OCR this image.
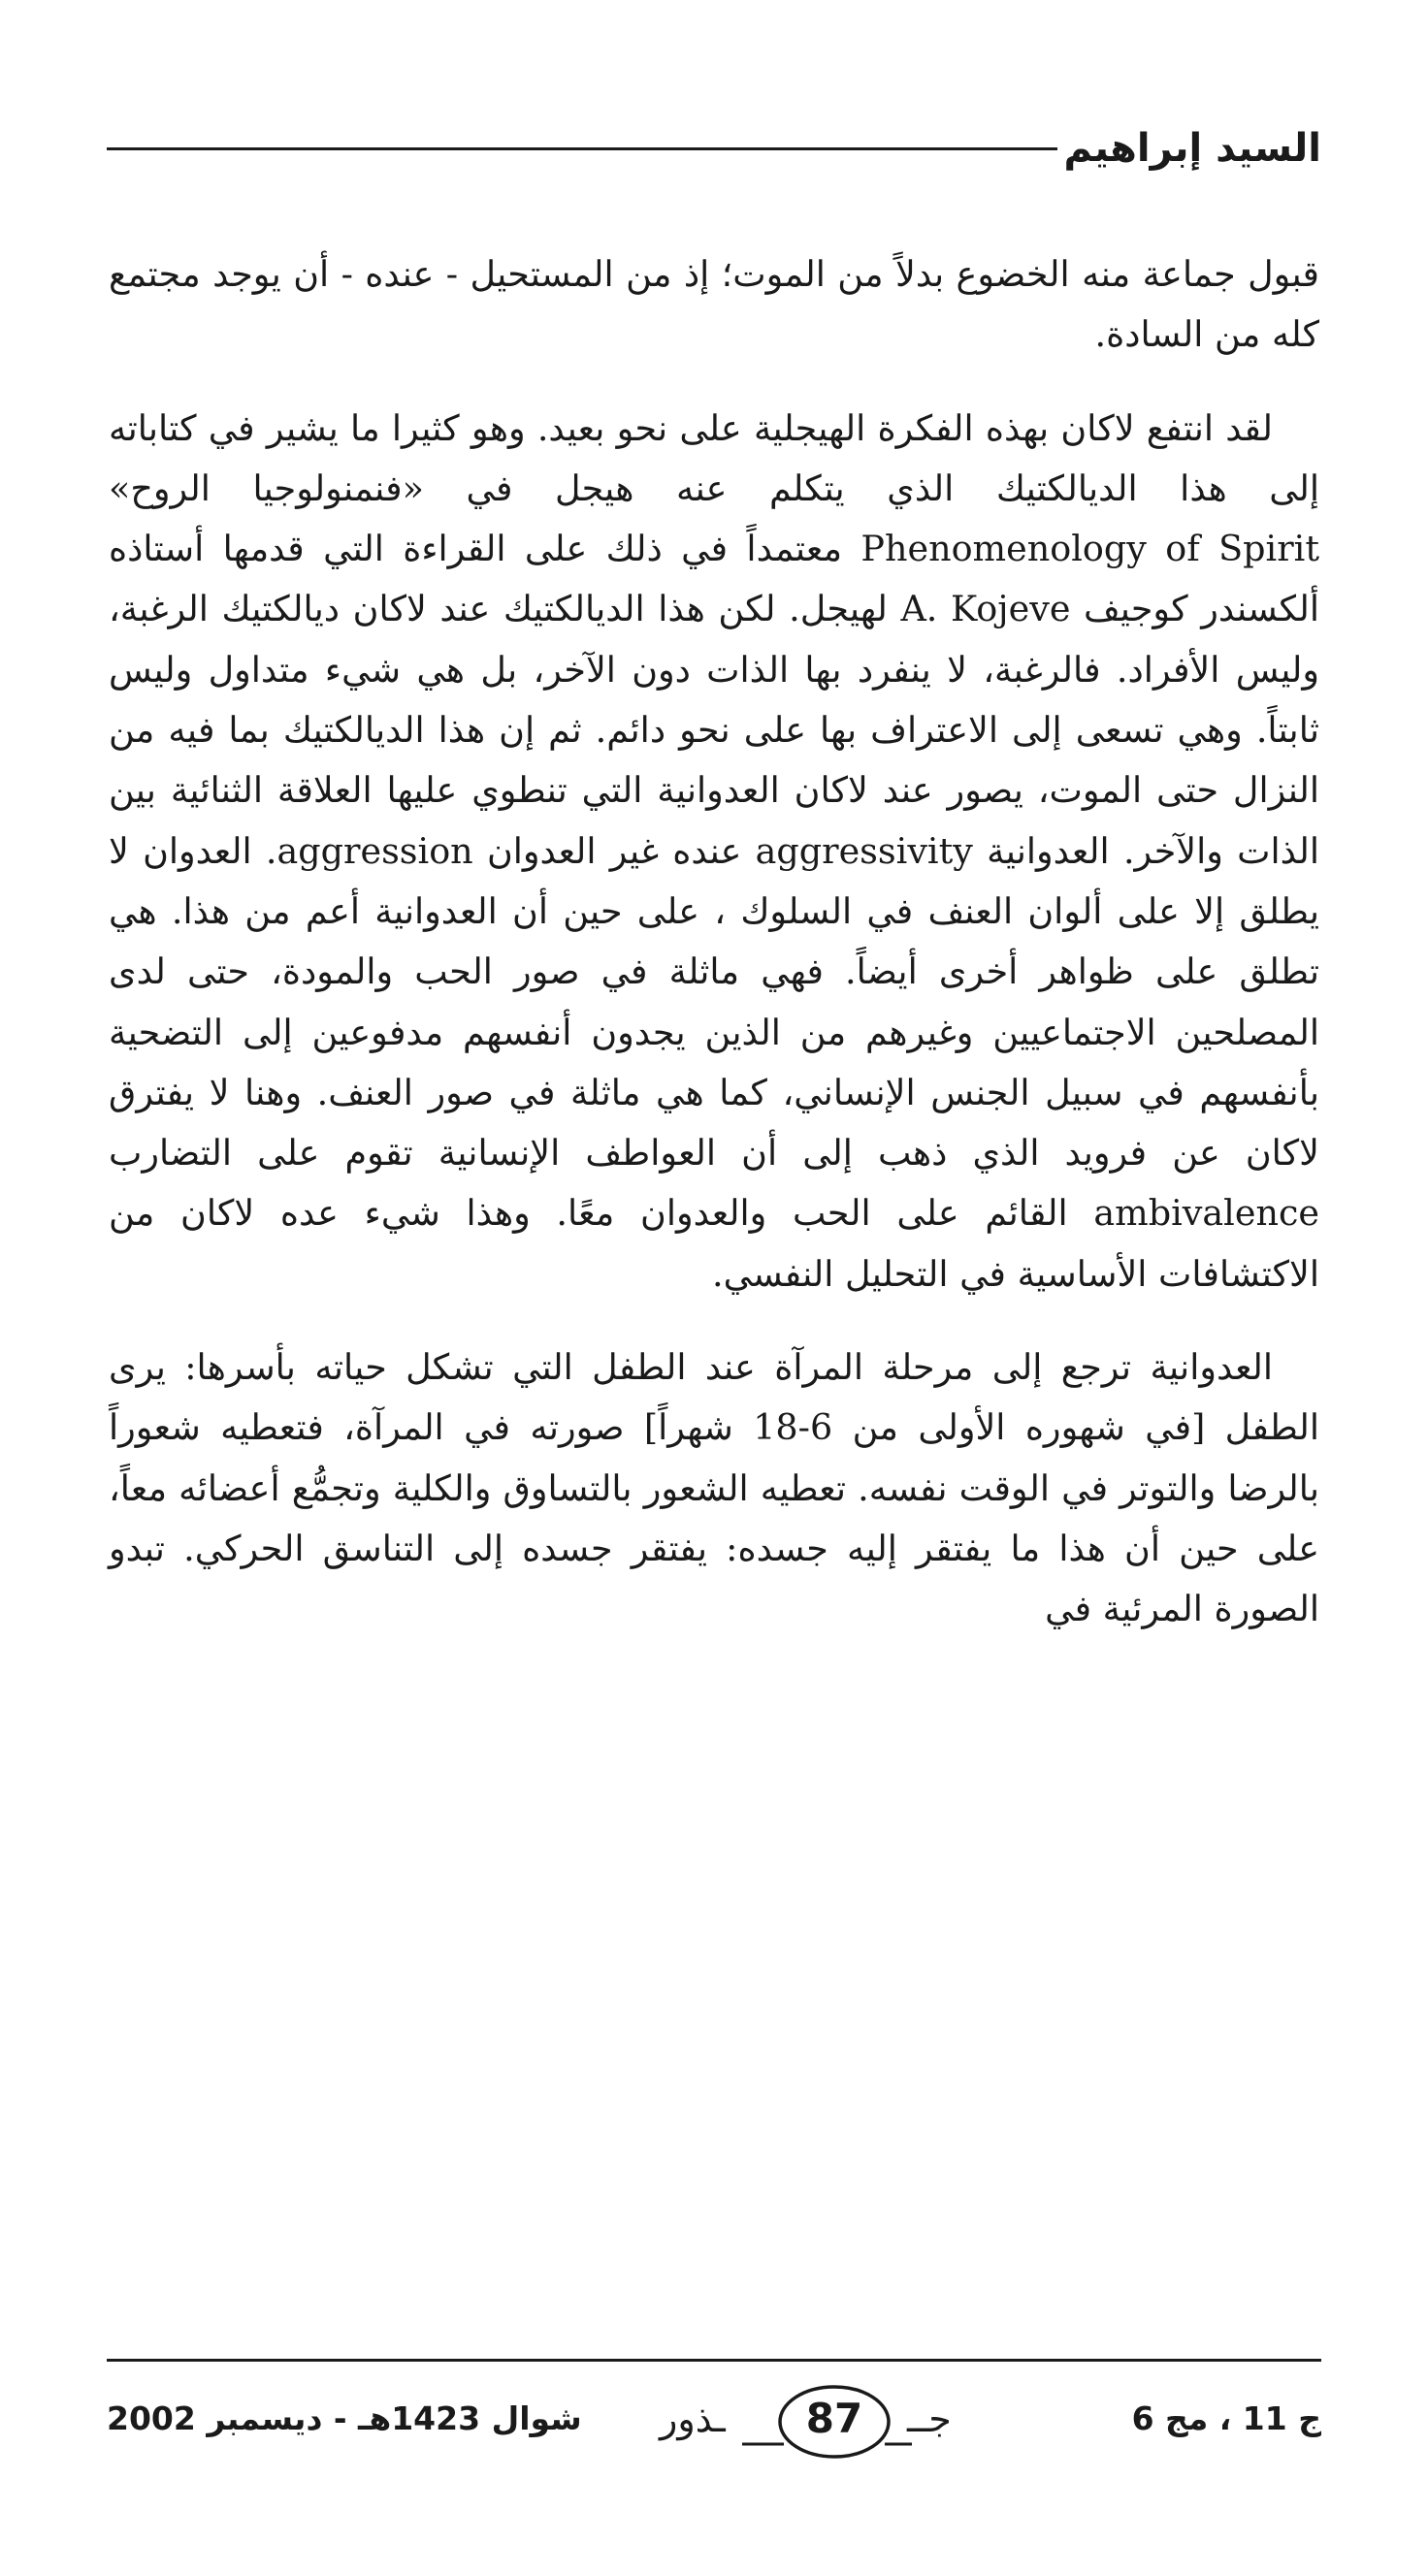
السيد إبراهيم

قبول جماعة منه الخضوع بدلاً من الموت؛ إذ من المستحيل - عنده - أن يوجد مجتمع كله من السادة.

لقد انتفع لاكان بهذه الفكرة الهيجلية على نحو بعيد. وهو كثيرا ما يشير في كتاباته إلى هذا الديالكتيك الذي يتكلم عنه هيجل في «فنمنولوجيا الروح» Phenomenology of Spirit معتمداً في ذلك على القراءة التي قدمها أستاذه ألكسندر كوجيف A. Kojeve لهيجل. لكن هذا الديالكتيك عند لاكان ديالكتيك الرغبة، وليس الأفراد. فالرغبة، لا ينفرد بها الذات دون الآخر، بل هي شيء متداول وليس ثابتاً. وهي تسعى إلى الاعتراف بها على نحو دائم. ثم إن هذا الديالكتيك بما فيه من النزال حتى الموت، يصور عند لاكان العدوانية التي تنطوي عليها العلاقة الثنائية بين الذات والآخر. العدوانية aggressivity عنده غير العدوان aggression. العدوان لا يطلق إلا على ألوان العنف في السلوك ، على حين أن العدوانية أعم من هذا. هي تطلق على ظواهر أخرى أيضاً. فهي ماثلة في صور الحب والمودة، حتى لدى المصلحين الاجتماعيين وغيرهم من الذين يجدون أنفسهم مدفوعين إلى التضحية بأنفسهم في سبيل الجنس الإنساني، كما هي ماثلة في صور العنف. وهنا لا يفترق لاكان عن فرويد الذي ذهب إلى أن العواطف الإنسانية تقوم على التضارب ambivalence القائم على الحب والعدوان معًا. وهذا شيء عده لاكان من الاكتشافات الأساسية في التحليل النفسي.

العدوانية ترجع إلى مرحلة المرآة عند الطفل التي تشكل حياته بأسرها: يرى الطفل [في شهوره الأولى من 6-18 شهراً] صورته في المرآة، فتعطيه شعوراً بالرضا والتوتر في الوقت نفسه. تعطيه الشعور بالتساوق والكلية وتجمُّع أعضائه معاً، على حين أن هذا ما يفتقر إليه جسده: يفتقر جسده إلى التناسق الحركي. تبدو الصورة المرئية في

شوال 1423هـ - ديسمبر 2002 ـذور	87	جــ	ج 11 ، مج 6
